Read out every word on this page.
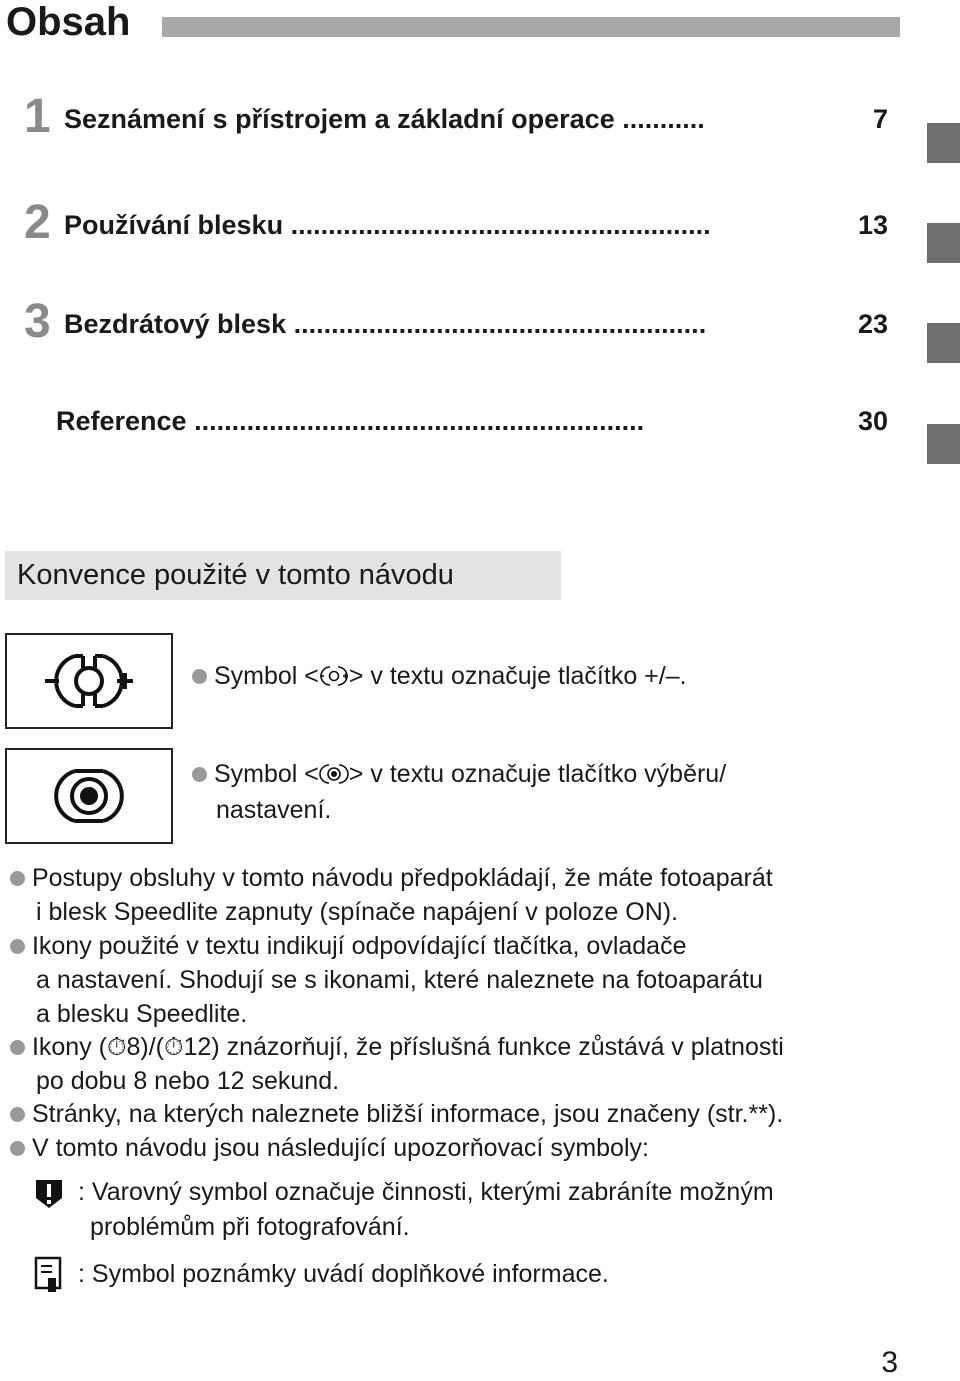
Obsah
1 Seznámení s přístrojem a základní operace ...........	7
2 Používání blesku ........................................................	13
3 Bezdrátový blesk .......................................................	23
Reference ............................................................	30
Konvence použité v tomto návodu
Symbol < > v textu označuje tlačítko +/–.
Symbol < > v textu označuje tlačítko výběru/
nastavení.
Postupy obsluhy v tomto návodu předpokládají, že máte fotoaparát
i blesk Speedlite zapnuty (spínače napájení v poloze ON).
Ikony použité v textu indikují odpovídající tlačítka, ovladače
a nastavení. Shodují se s ikonami, které naleznete na fotoaparátu
a blesku Speedlite.
Ikony (⏱8)/(⏱12) znázorňují, že příslušná funkce zůstává v platnosti
po dobu 8 nebo 12 sekund.
Stránky, na kterých naleznete bližší informace, jsou značeny (str.**).
V tomto návodu jsou následující upozorňovací symboly:
: Varovný symbol označuje činnosti, kterými zabráníte možným
problémům při fotografování.
: Symbol poznámky uvádí doplňkové informace.
3
